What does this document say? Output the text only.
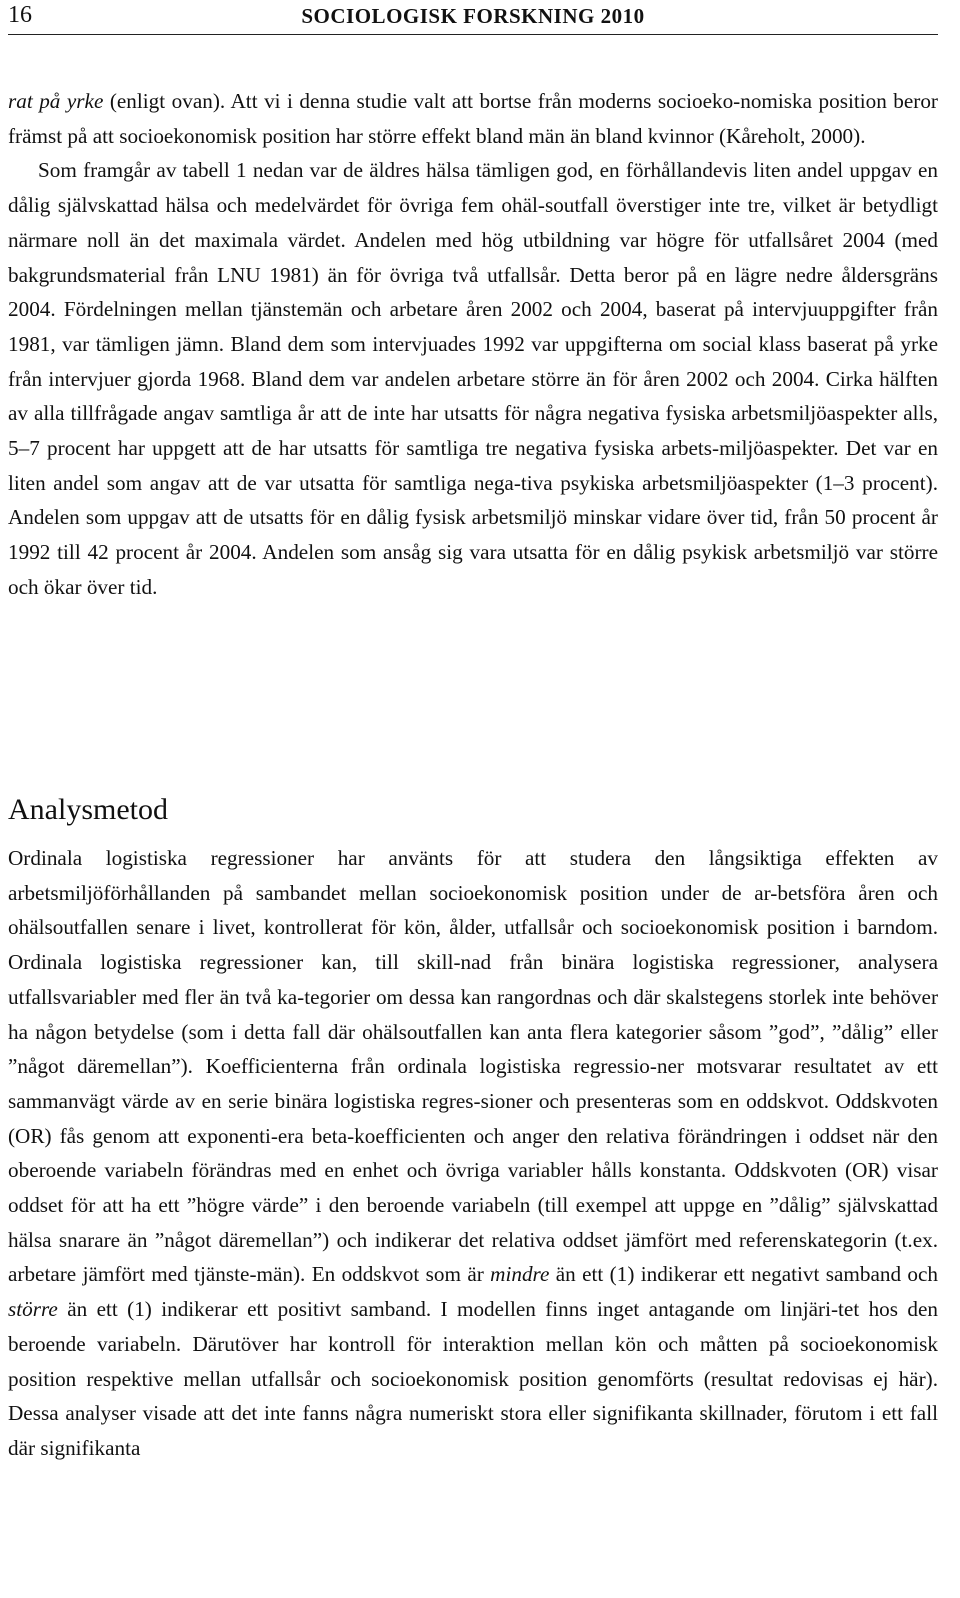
16	SOCIOLOGISK FORSKNING 2010

rat på yrke (enligt ovan). Att vi i denna studie valt att bortse från moderns socioeko-nomiska position beror främst på att socioekonomisk position har större effekt bland män än bland kvinnor (Kåreholt, 2000).

Som framgår av tabell 1 nedan var de äldres hälsa tämligen god, en förhållandevis liten andel uppgav en dålig självskattad hälsa och medelvärdet för övriga fem ohäl-soutfall överstiger inte tre, vilket är betydligt närmare noll än det maximala värdet. Andelen med hög utbildning var högre för utfallsåret 2004 (med bakgrundsmaterial från LNU 1981) än för övriga två utfallsår. Detta beror på en lägre nedre åldersgräns 2004. Fördelningen mellan tjänstemän och arbetare åren 2002 och 2004, baserat på intervjuuppgifter från 1981, var tämligen jämn. Bland dem som intervjuades 1992 var uppgifterna om social klass baserat på yrke från intervjuer gjorda 1968. Bland dem var andelen arbetare större än för åren 2002 och 2004. Cirka hälften av alla tillfrågade angav samtliga år att de inte har utsatts för några negativa fysiska arbetsmiljöaspekter alls, 5–7 procent har uppgett att de har utsatts för samtliga tre negativa fysiska arbets-miljöaspekter. Det var en liten andel som angav att de var utsatta för samtliga nega-tiva psykiska arbetsmiljöaspekter (1–3 procent). Andelen som uppgav att de utsatts för en dålig fysisk arbetsmiljö minskar vidare över tid, från 50 procent år 1992 till 42 procent år 2004. Andelen som ansåg sig vara utsatta för en dålig psykisk arbetsmiljö var större och ökar över tid.

Analysmetod

Ordinala logistiska regressioner har använts för att studera den långsiktiga effekten av arbetsmiljöförhållanden på sambandet mellan socioekonomisk position under de ar-betsföra åren och ohälsoutfallen senare i livet, kontrollerat för kön, ålder, utfallsår och socioekonomisk position i barndom. Ordinala logistiska regressioner kan, till skill-nad från binära logistiska regressioner, analysera utfallsvariabler med fler än två ka-tegorier om dessa kan rangordnas och där skalstegens storlek inte behöver ha någon betydelse (som i detta fall där ohälsoutfallen kan anta flera kategorier såsom ”god”, ”dålig” eller ”något däremellan”). Koefficienterna från ordinala logistiska regressio-ner motsvarar resultatet av ett sammanvägt värde av en serie binära logistiska regres-sioner och presenteras som en oddskvot. Oddskvoten (OR) fås genom att exponenti-era beta-koefficienten och anger den relativa förändringen i oddset när den oberoende variabeln förändras med en enhet och övriga variabler hålls konstanta. Oddskvoten (OR) visar oddset för att ha ett ”högre värde” i den beroende variabeln (till exempel att uppge en ”dålig” självskattad hälsa snarare än ”något däremellan”) och indikerar det relativa oddset jämfört med referenskategorin (t.ex. arbetare jämfört med tjänste-män). En oddskvot som är mindre än ett (1) indikerar ett negativt samband och större än ett (1) indikerar ett positivt samband. I modellen finns inget antagande om linjäri-tet hos den beroende variabeln. Därutöver har kontroll för interaktion mellan kön och måtten på socioekonomisk position respektive mellan utfallsår och socioekonomisk position genomförts (resultat redovisas ej här). Dessa analyser visade att det inte fanns några numeriskt stora eller signifikanta skillnader, förutom i ett fall där signifikanta
